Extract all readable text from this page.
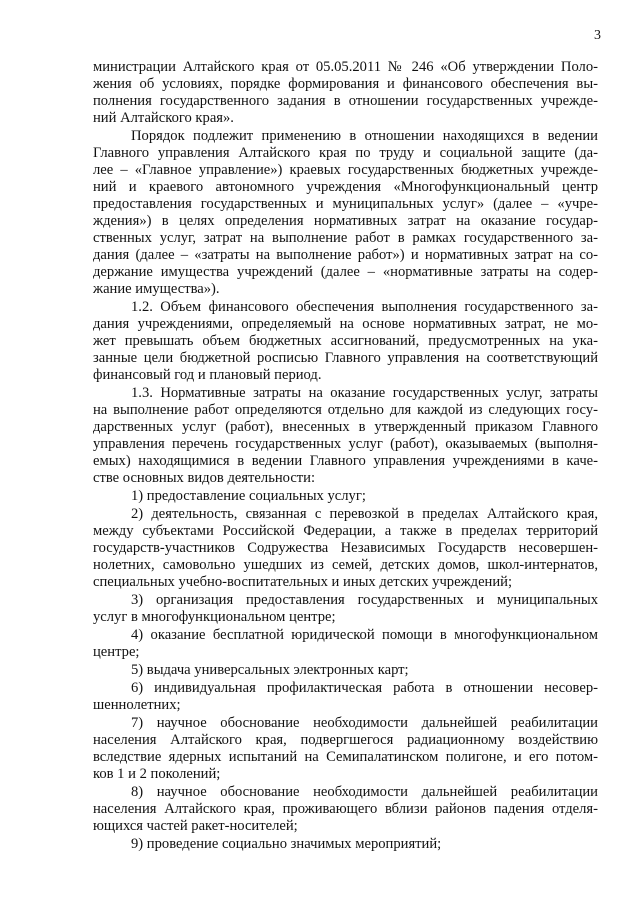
3
министрации Алтайского края от 05.05.2011 № 246 «Об утверждении Поло-
жения об условиях, порядке формирования и финансового обеспечения вы-
полнения государственного задания в отношении государственных учрежде-
ний Алтайского края».
Порядок подлежит применению в отношении находящихся в ведении
Главного управления Алтайского края по труду и социальной защите (да-
лее – «Главное управление») краевых государственных бюджетных учрежде-
ний и краевого автономного учреждения «Многофункциональный центр
предоставления государственных и муниципальных услуг» (далее – «учре-
ждения») в целях определения нормативных затрат на оказание государ-
ственных услуг, затрат на выполнение работ в рамках государственного за-
дания (далее – «затраты на выполнение работ») и нормативных затрат на со-
держание имущества учреждений (далее – «нормативные затраты на содер-
жание имущества»).
1.2. Объем финансового обеспечения выполнения государственного за-
дания учреждениями, определяемый на основе нормативных затрат, не мо-
жет превышать объем бюджетных ассигнований, предусмотренных на ука-
занные цели бюджетной росписью Главного управления на соответствующий
финансовый год и плановый период.
1.3. Нормативные затраты на оказание государственных услуг, затраты
на выполнение работ определяются отдельно для каждой из следующих госу-
дарственных услуг (работ), внесенных в утвержденный приказом Главного
управления перечень государственных услуг (работ), оказываемых (выполня-
емых) находящимися в ведении Главного управления учреждениями в каче-
стве основных видов деятельности:
1) предоставление социальных услуг;
2) деятельность, связанная с перевозкой в пределах Алтайского края,
между субъектами Российской Федерации, а также в пределах территорий
государств-участников Содружества Независимых Государств несовершен-
нолетних, самовольно ушедших из семей, детских домов, школ-интернатов,
специальных учебно-воспитательных и иных детских учреждений;
3) организация предоставления государственных и муниципальных
услуг в многофункциональном центре;
4) оказание бесплатной юридической помощи в многофункциональном
центре;
5) выдача универсальных электронных карт;
6) индивидуальная профилактическая работа в отношении несовер-
шеннолетних;
7) научное обоснование необходимости дальнейшей реабилитации
населения Алтайского края, подвергшегося радиационному воздействию
вследствие ядерных испытаний на Семипалатинском полигоне, и его потом-
ков 1 и 2 поколений;
8) научное обоснование необходимости дальнейшей реабилитации
населения Алтайского края, проживающего вблизи районов падения отделя-
ющихся частей ракет-носителей;
9) проведение социально значимых мероприятий;
